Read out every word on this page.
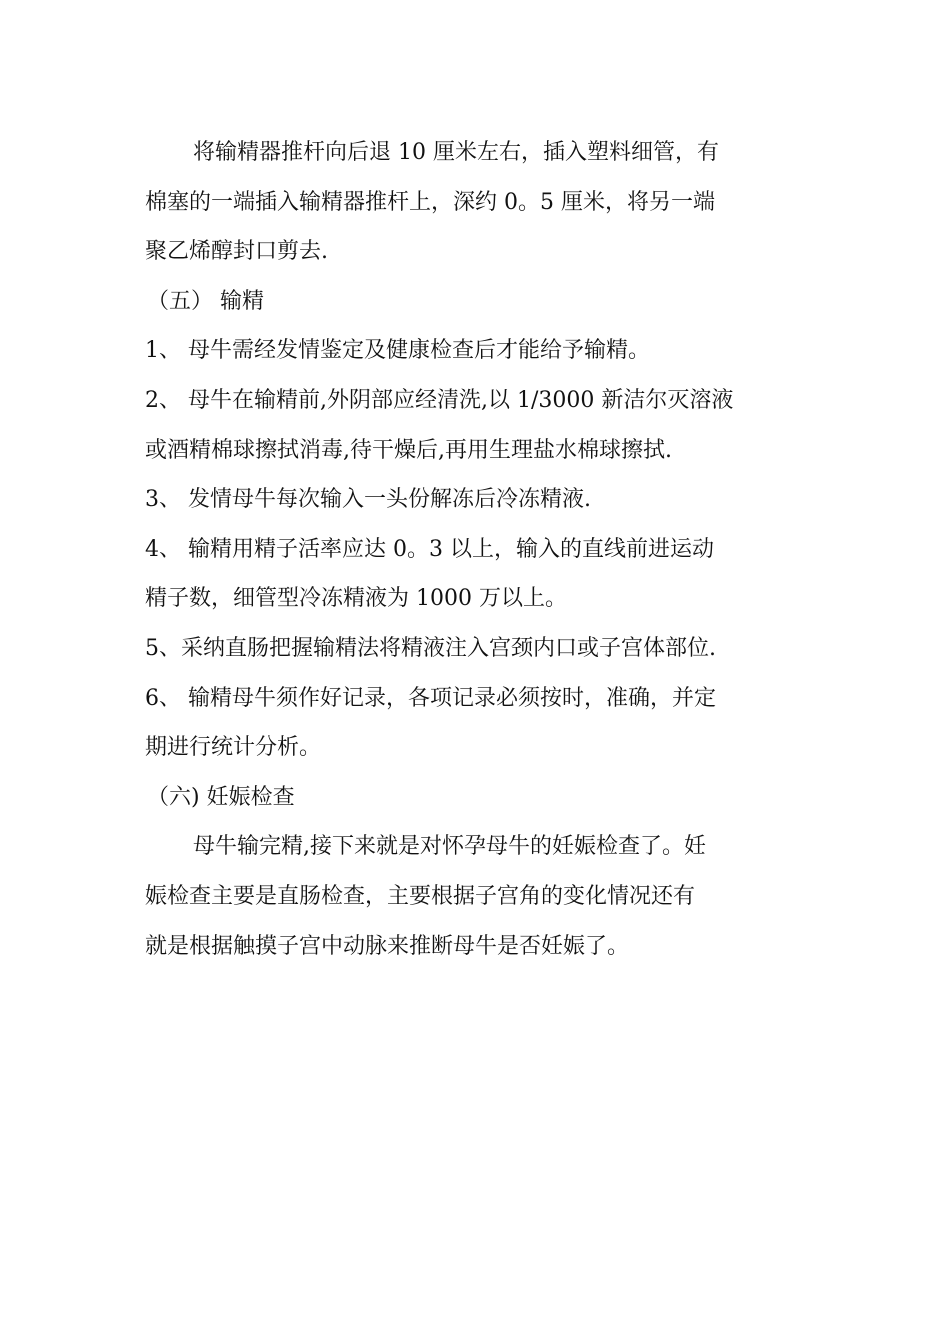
将输精器推杆向后退 10 厘米左右，插入塑料细管，有
棉塞的一端插入输精器推杆上，深约 0。5 厘米，将另一端
聚乙烯醇封口剪去.
（五） 输精
1、 母牛需经发情鉴定及健康检查后才能给予输精。
2、 母牛在输精前,外阴部应经清洗,以 1/3000 新洁尔灭溶液
或酒精棉球擦拭消毒,待干燥后,再用生理盐水棉球擦拭.
3、 发情母牛每次输入一头份解冻后冷冻精液.
4、 输精用精子活率应达 0。3 以上，输入的直线前进运动
精子数，细管型冷冻精液为 1000 万以上。
5、采纳直肠把握输精法将精液注入宫颈内口或子宫体部位.
6、 输精母牛须作好记录，各项记录必须按时，准确，并定
期进行统计分析。
（六) 妊娠检查
母牛输完精,接下来就是对怀孕母牛的妊娠检查了。妊
娠检查主要是直肠检查，主要根据子宫角的变化情况还有
就是根据触摸子宫中动脉来推断母牛是否妊娠了。
